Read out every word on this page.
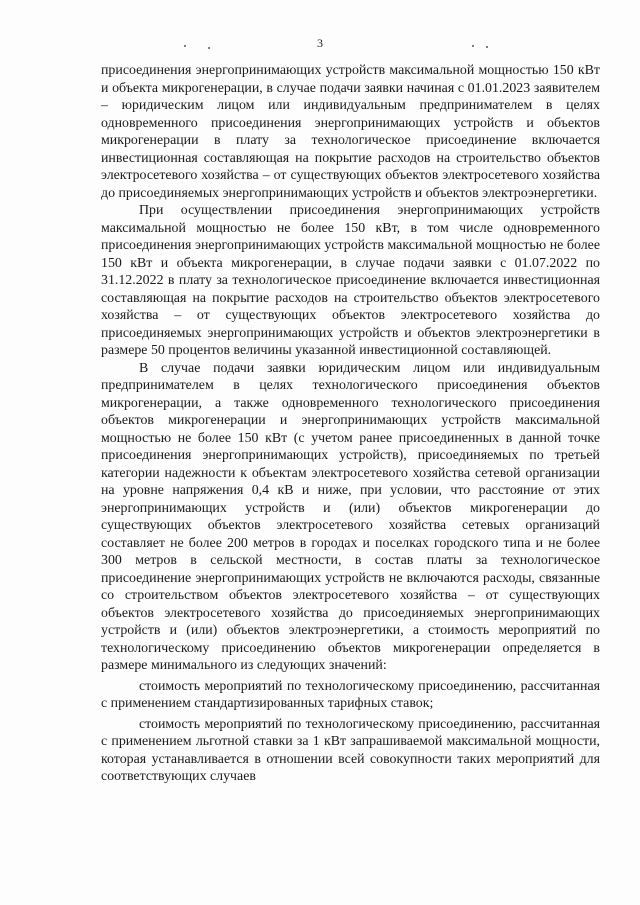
3

присоединения энергопринимающих устройств максимальной мощностью 150 кВт и объекта микрогенерации, в случае подачи заявки начиная с 01.01.2023 заявителем – юридическим лицом или индивидуальным предпринимателем в целях одновременного присоединения энергопринимающих устройств и объектов микрогенерации в плату за технологическое присоединение включается инвестиционная составляющая на покрытие расходов на строительство объектов электросетевого хозяйства – от существующих объектов электросетевого хозяйства до присоединяемых энергопринимающих устройств и объектов электроэнергетики.

При осуществлении присоединения энергопринимающих устройств максимальной мощностью не более 150 кВт, в том числе одновременного присоединения энергопринимающих устройств максимальной мощностью не более 150 кВт и объекта микрогенерации, в случае подачи заявки с 01.07.2022 по 31.12.2022 в плату за технологическое присоединение включается инвестиционная составляющая на покрытие расходов на строительство объектов электросетевого хозяйства – от существующих объектов электросетевого хозяйства до присоединяемых энергопринимающих устройств и объектов электроэнергетики в размере 50 процентов величины указанной инвестиционной составляющей.

В случае подачи заявки юридическим лицом или индивидуальным предпринимателем в целях технологического присоединения объектов микрогенерации, а также одновременного технологического присоединения объектов микрогенерации и энергопринимающих устройств максимальной мощностью не более 150 кВт (с учетом ранее присоединенных в данной точке присоединения энергопринимающих устройств), присоединяемых по третьей категории надежности к объектам электросетевого хозяйства сетевой организации на уровне напряжения 0,4 кВ и ниже, при условии, что расстояние от этих энергопринимающих устройств и (или) объектов микрогенерации до существующих объектов электросетевого хозяйства сетевых организаций составляет не более 200 метров в городах и поселках городского типа и не более 300 метров в сельской местности, в состав платы за технологическое присоединение энергопринимающих устройств не включаются расходы, связанные со строительством объектов электросетевого хозяйства – от существующих объектов электросетевого хозяйства до присоединяемых энергопринимающих устройств и (или) объектов электроэнергетики, а стоимость мероприятий по технологическому присоединению объектов микрогенерации определяется в размере минимального из следующих значений:

стоимость мероприятий по технологическому присоединению, рассчитанная с применением стандартизированных тарифных ставок;

стоимость мероприятий по технологическому присоединению, рассчитанная с применением льготной ставки за 1 кВт запрашиваемой максимальной мощности, которая устанавливается в отношении всей совокупности таких мероприятий для соответствующих случаев
